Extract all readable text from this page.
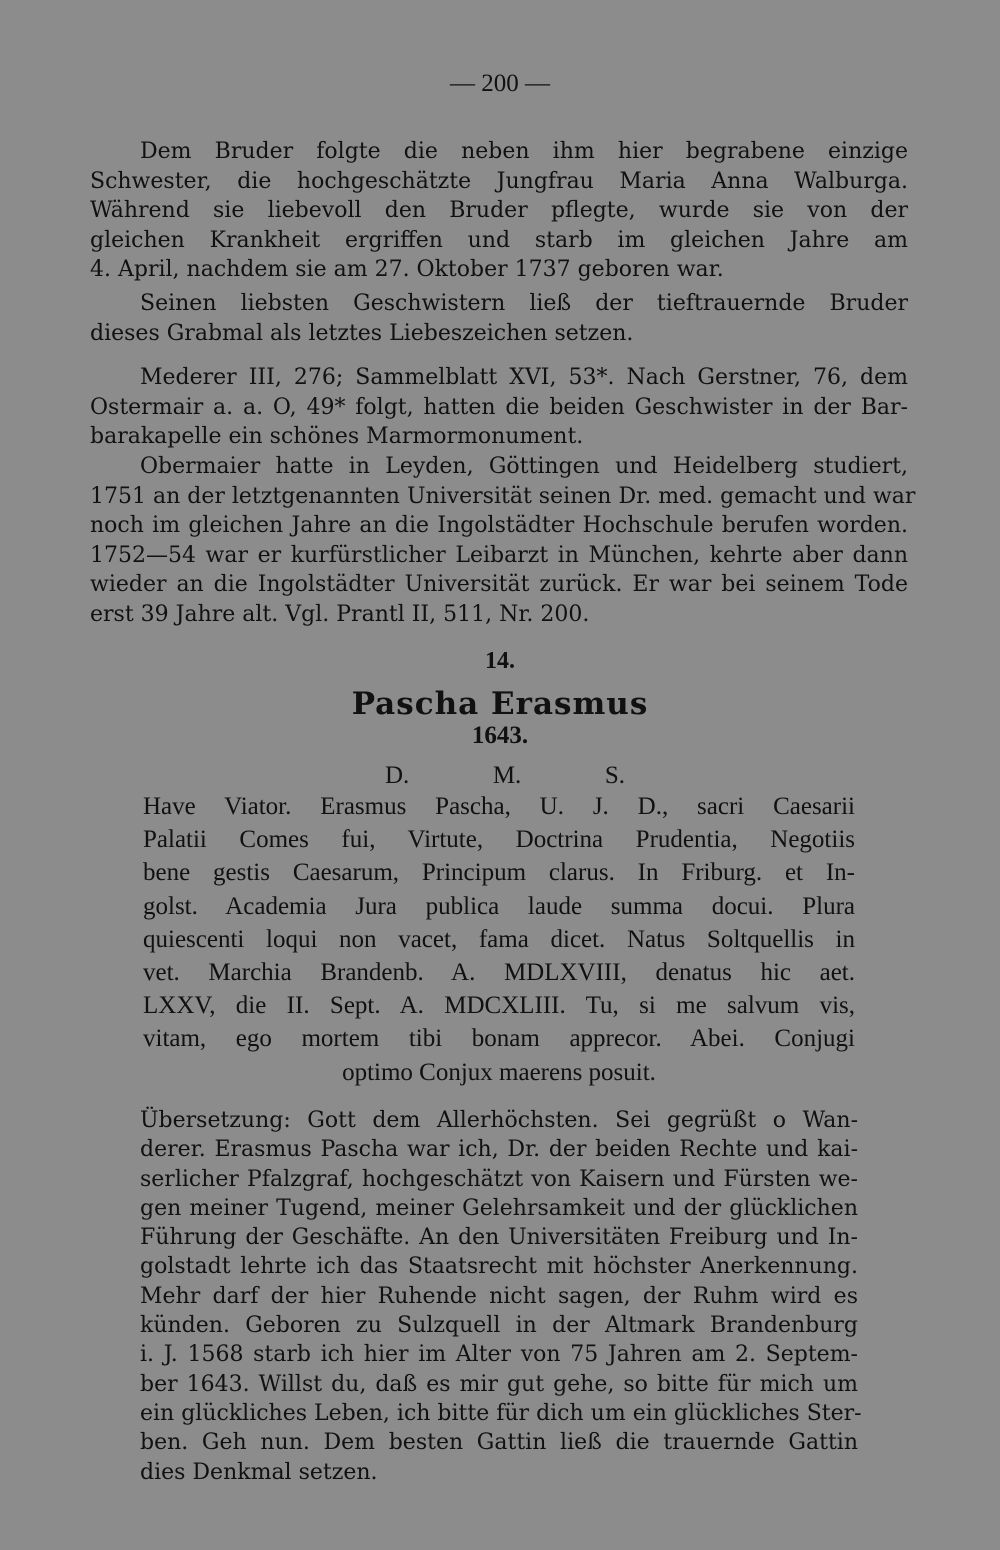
— 200 —
Dem Bruder folgte die neben ihm hier begrabene einzige
Schwester, die hochgeschätzte Jungfrau Maria Anna Walburga.
Während sie liebevoll den Bruder pflegte, wurde sie von der
gleichen Krankheit ergriffen und starb im gleichen Jahre am
4. April, nachdem sie am 27. Oktober 1737 geboren war.
Seinen liebsten Geschwistern ließ der tieftrauernde Bruder
dieses Grabmal als letztes Liebeszeichen setzen.
Mederer III, 276; Sammelblatt XVI, 53*. Nach Gerstner, 76, dem
Ostermair a. a. O, 49* folgt, hatten die beiden Geschwister in der Bar-
barakapelle ein schönes Marmormonument.
Obermaier hatte in Leyden, Göttingen und Heidelberg studiert,
1751 an der letztgenannten Universität seinen Dr. med. gemacht und war
noch im gleichen Jahre an die Ingolstädter Hochschule berufen worden.
1752—54 war er kurfürstlicher Leibarzt in München, kehrte aber dann
wieder an die Ingolstädter Universität zurück. Er war bei seinem Tode
erst 39 Jahre alt. Vgl. Prantl II, 511, Nr. 200.
14.
Pascha Erasmus
1643.
D.	M.	S.
Have Viator. Erasmus Pascha, U. J. D., sacri Caesarii
Palatii Comes fui, Virtute, Doctrina Prudentia, Negotiis
bene gestis Caesarum, Principum clarus. In Friburg. et In-
golst. Academia Jura publica laude summa docui. Plura
quiescenti loqui non vacet, fama dicet. Natus Soltquellis in
vet. Marchia Brandenb. A. MDLXVIII, denatus hic aet.
LXXV, die II. Sept. A. MDCXLIII. Tu, si me salvum vis,
vitam, ego mortem tibi bonam apprecor. Abei. Conjugi
optimo Conjux maerens posuit.
Übersetzung: Gott dem Allerhöchsten. Sei gegrüßt o Wan-
derer. Erasmus Pascha war ich, Dr. der beiden Rechte und kai-
serlicher Pfalzgraf, hochgeschätzt von Kaisern und Fürsten we-
gen meiner Tugend, meiner Gelehrsamkeit und der glücklichen
Führung der Geschäfte. An den Universitäten Freiburg und In-
golstadt lehrte ich das Staatsrecht mit höchster Anerkennung.
Mehr darf der hier Ruhende nicht sagen, der Ruhm wird es
künden. Geboren zu Sulzquell in der Altmark Brandenburg
i. J. 1568 starb ich hier im Alter von 75 Jahren am 2. Septem-
ber 1643. Willst du, daß es mir gut gehe, so bitte für mich um
ein glückliches Leben, ich bitte für dich um ein glückliches Ster-
ben. Geh nun. Dem besten Gattin ließ die trauernde Gattin
dies Denkmal setzen.
